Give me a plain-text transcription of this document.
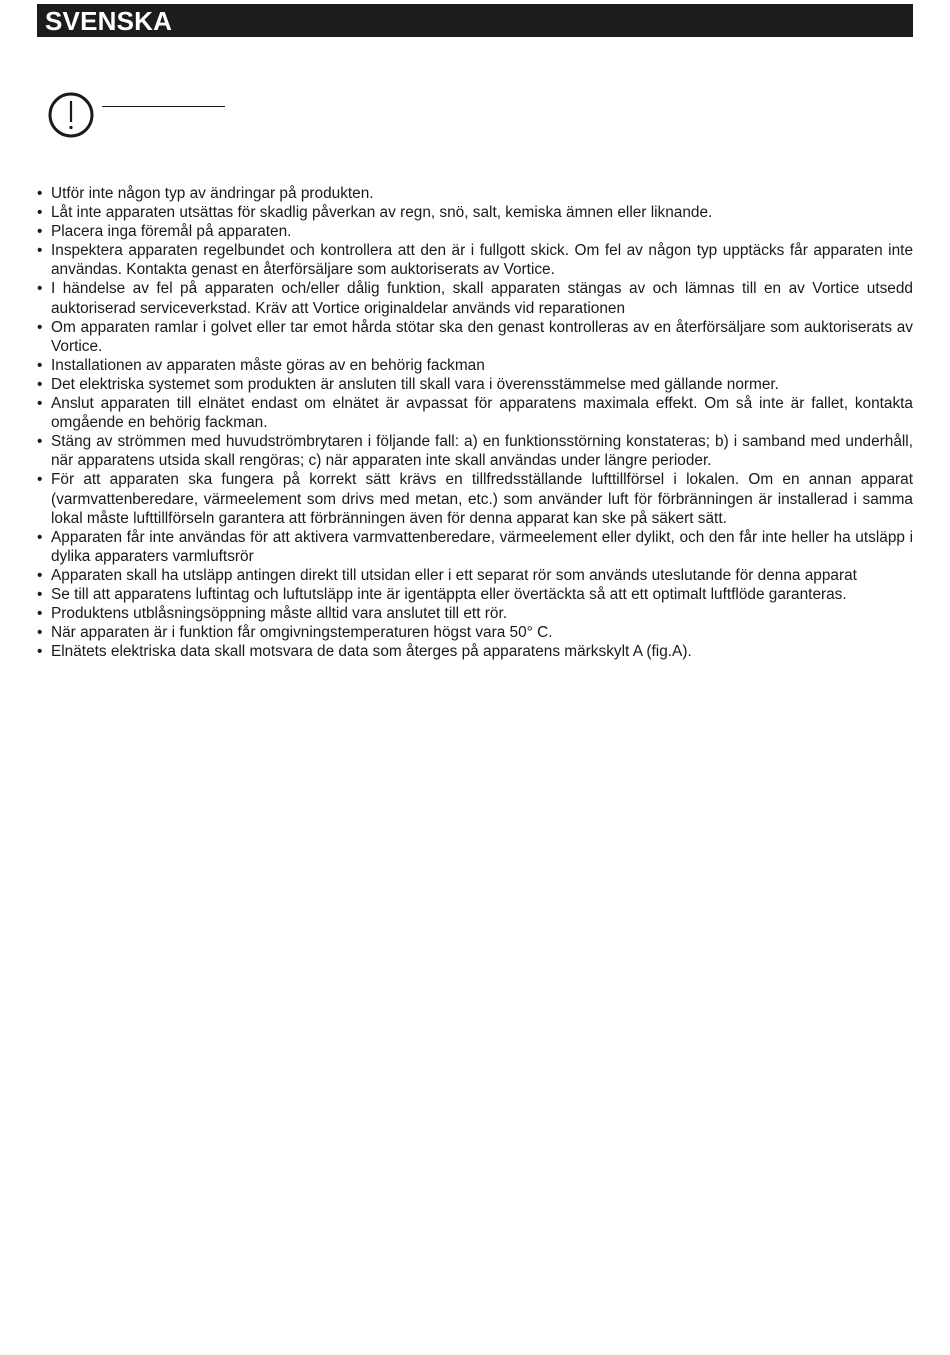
SVENSKA
• Utför inte någon typ av ändringar på produkten.
• Låt inte apparaten utsättas för skadlig påverkan av regn, snö, salt, kemiska ämnen eller liknande.
• Placera inga föremål på apparaten.
• Inspektera apparaten regelbundet och kontrollera att den är i fullgott skick. Om fel av någon typ upptäcks får apparaten inte användas. Kontakta genast en återförsäljare som auktoriserats av Vortice.
• I händelse av fel på apparaten och/eller dålig funktion, skall apparaten stängas av och lämnas till en av Vortice utsedd auktoriserad serviceverkstad. Kräv att Vortice originaldelar används vid reparationen
• Om apparaten ramlar i golvet eller tar emot hårda stötar ska den genast kontrolleras av en återförsäljare som auktoriserats av Vortice.
• Installationen av apparaten måste göras av en behörig fackman
• Det elektriska systemet som produkten är ansluten till skall vara i överensstämmelse med gällande normer.
• Anslut apparaten till elnätet endast om elnätet är avpassat för apparatens maximala effekt. Om så inte är fallet, kontakta omgående en behörig fackman.
• Stäng av strömmen med huvudströmbrytaren i följande fall: a) en funktionsstörning konstateras; b) i samband med underhåll, när apparatens utsida skall rengöras; c) när apparaten inte skall användas under längre perioder.
• För att apparaten ska fungera på korrekt sätt krävs en tillfredsställande lufttillförsel i lokalen. Om en annan apparat (varmvattenberedare, värmeelement som drivs med metan, etc.) som använder luft för förbränningen är installerad i samma lokal måste lufttillförseln garantera att förbränningen även för denna apparat kan ske på säkert sätt.
• Apparaten får inte användas för att aktivera varmvattenberedare, värmeelement eller dylikt, och den får inte heller ha utsläpp i dylika apparaters varmluftsrör
• Apparaten skall ha utsläpp antingen direkt till utsidan eller i ett separat rör som används uteslutande för denna apparat
• Se till att apparatens luftintag och luftutsläpp inte är igentäppta eller övertäckta så att ett optimalt luftflöde garanteras.
• Produktens utblåsningsöppning måste alltid vara anslutet till ett rör.
• När apparaten är i funktion får omgivningstemperaturen högst vara 50° C.
• Elnätets elektriska data skall motsvara de data som återges på apparatens märkskylt A (fig.A).
